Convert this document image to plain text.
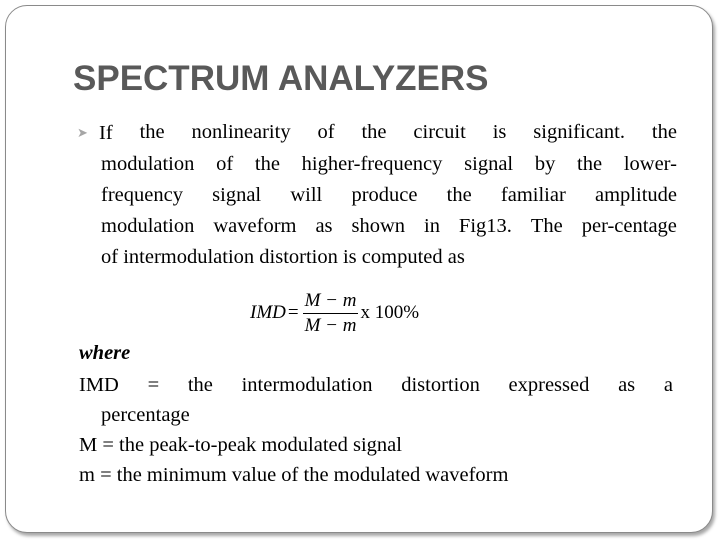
SPECTRUM ANALYZERS
➤ If the nonlinearity of the circuit is significant. the
modulation of the higher-frequency signal by the lower-
frequency signal will produce the familiar amplitude
modulation waveform as shown in Fig13. The per-centage
of intermodulation distortion is computed as
IMD = $\frac{M - m}{M - m}$ x 100%
where
IMD = the intermodulation distortion expressed as a
percentage
M = the peak-to-peak modulated signal
m = the minimum value of the modulated waveform
